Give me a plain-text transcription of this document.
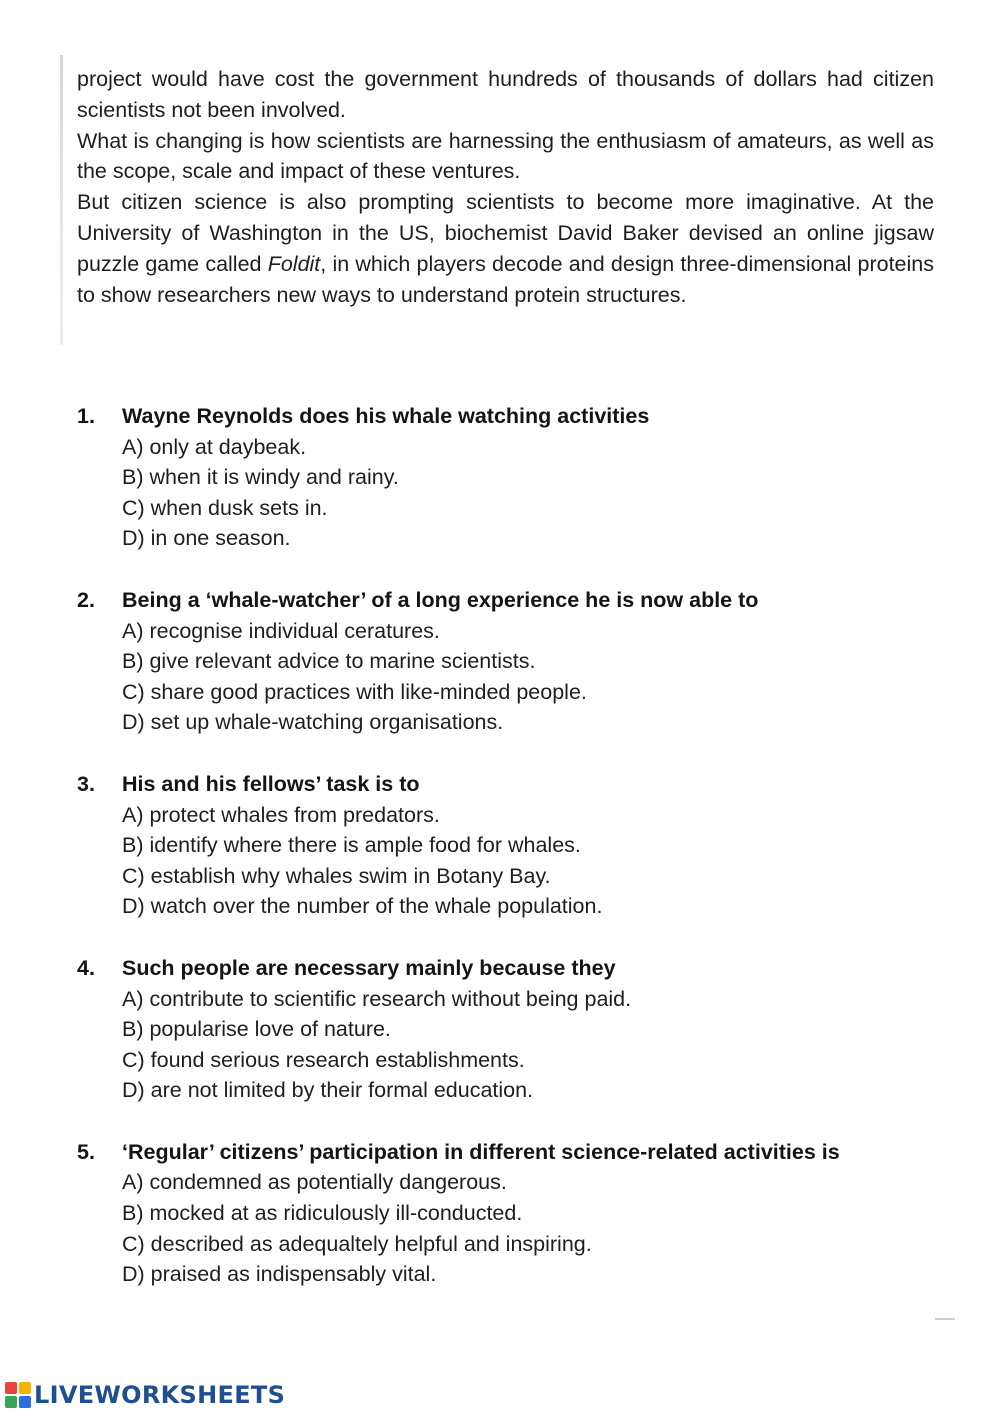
project would have cost the government hundreds of thousands of dollars had citizen scientists not been involved.

What is changing is how scientists are harnessing the enthusiasm of amateurs, as well as the scope, scale and impact of these ventures.

But citizen science is also prompting scientists to become more imaginative. At the University of Washington in the US, biochemist David Baker devised an online jigsaw puzzle game called Foldit, in which players decode and design three-dimensional proteins to show researchers new ways to understand protein structures.

1.	Wayne Reynolds does his whale watching activities
A) only at daybeak.
B) when it is windy and rainy.
C) when dusk sets in.
D) in one season.
2.	Being a ‘whale-watcher’ of a long experience he is now able to
A) recognise individual ceratures.
B) give relevant advice to marine scientists.
C) share good practices with like-minded people.
D) set up whale-watching organisations.
3.	His and his fellows’ task is to
A) protect whales from predators.
B) identify where there is ample food for whales.
C) establish why whales swim in Botany Bay.
D) watch over the number of the whale population.
4.	Such people are necessary mainly because they
A) contribute to scientific research without being paid.
B) popularise love of nature.
C) found serious research establishments.
D) are not limited by their formal education.
5.	‘Regular’ citizens’ participation in different science-related activities is
A) condemned as potentially dangerous.
B) mocked at as ridiculously ill-conducted.
C) described as adequaltely helpful and inspiring.
D) praised as indispensably vital.
LIVEWORKSHEETS
